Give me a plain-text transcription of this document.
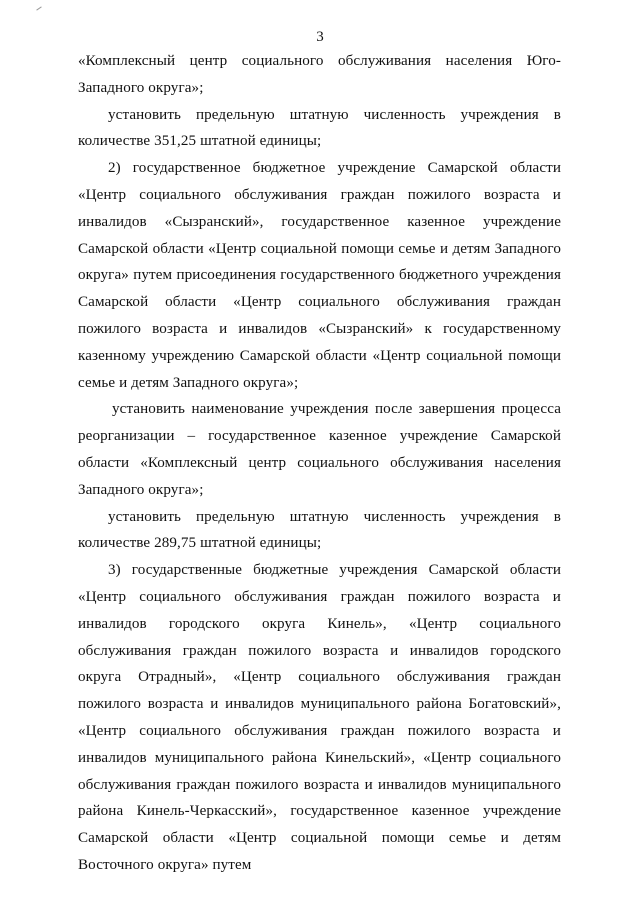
3

«Комплексный центр социального обслуживания населения Юго-Западного округа»;

установить предельную штатную численность учреждения в количестве 351,25 штатной единицы;

2) государственное бюджетное учреждение Самарской области «Центр социального обслуживания граждан пожилого возраста и инвалидов «Сызранский», государственное казенное учреждение Самарской области «Центр социальной помощи семье и детям Западного округа» путем присоединения государственного бюджетного учреждения Самарской области «Центр социального обслуживания граждан пожилого возраста и инвалидов «Сызранский» к государственному казенному учреждению Самарской области «Центр социальной помощи семье и детям Западного округа»;

установить наименование учреждения после завершения процесса реорганизации – государственное казенное учреждение Самарской области «Комплексный центр социального обслуживания населения Западного округа»;

установить предельную штатную численность учреждения в количестве 289,75 штатной единицы;

3) государственные бюджетные учреждения Самарской области «Центр социального обслуживания граждан пожилого возраста и инвалидов городского округа Кинель», «Центр социального обслуживания граждан пожилого возраста и инвалидов городского округа Отрадный», «Центр социального обслуживания граждан пожилого возраста и инвалидов муниципального района Богатовский», «Центр социального обслуживания граждан пожилого возраста и инвалидов муниципального района Кинельский», «Центр социального обслуживания граждан пожилого возраста и инвалидов муниципального района Кинель-Черкасский», государственное казенное учреждение Самарской области «Центр социальной помощи семье и детям Восточного округа» путем
